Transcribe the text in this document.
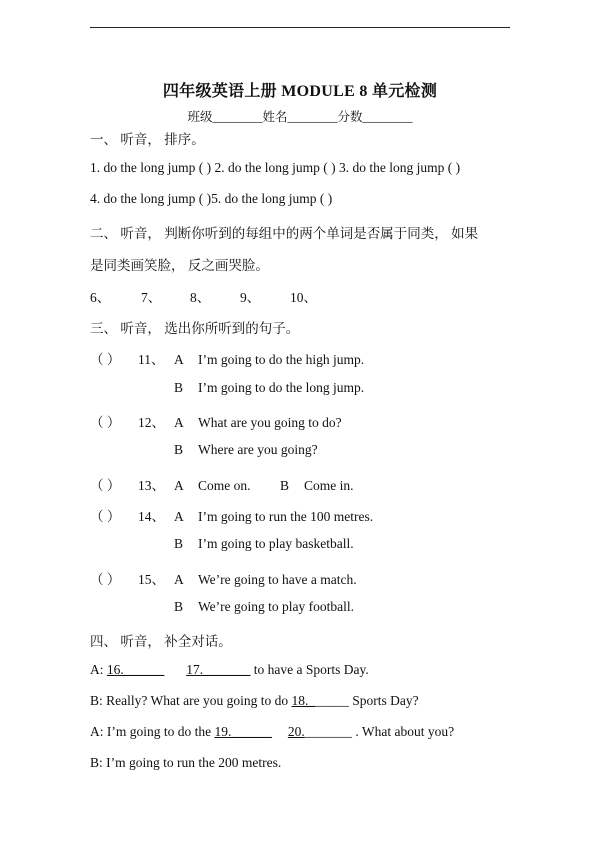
四年级英语上册 MODULE 8 单元检测
班级________姓名________分数________
一、 听音， 排序。
1. do the long jump ( ) 2. do the long jump ( ) 3. do the long jump ( )
4. do the long jump ( )5. do the long jump ( )
二、 听音， 判断你听到的每组中的两个单词是否属于同类， 如果
是同类画笑脸， 反之画哭脸。
6、 7、 8、 9、 10、
三、 听音， 选出你所听到的句子。
（ ） 11、 A I’m going to do the high jump.
B I’m going to do the long jump.
（ ） 12、 A What are you going to do?
B Where are you going?
（ ） 13、 A Come on. B Come in.
（ ） 14、 A I’m going to run the 100 metres.
B I’m going to play basketball.
（ ） 15、 A We’re going to have a match.
B We’re going to play football.
四、 听音， 补全对话。
A: 16.______ 17._______ to have a Sports Day.
B: Really? What are you going to do 18.______ Sports Day?
A: I’m going to do the 19.______ 20._______ . What about you?
B: I’m going to run the 200 metres.
